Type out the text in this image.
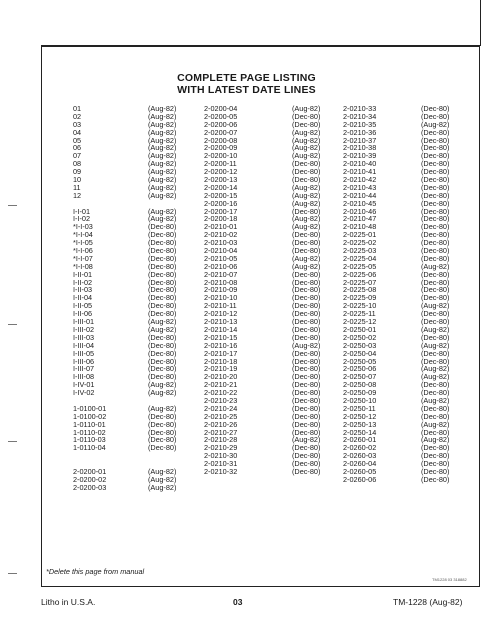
COMPLETE PAGE LISTING
WITH LATEST DATE LINES
01	(Aug-82)
02	(Aug-82)
03	(Aug-82)
04	(Aug-82)
05	(Aug-82)
06	(Aug-82)
07	(Aug-82)
08	(Aug-82)
09	(Aug-82)
10	(Aug-82)
11	(Aug-82)
12	(Aug-82)
I-I-01	(Aug-82)
I-I-02	(Aug-82)
*I-I-03	(Dec-80)
*I-I-04	(Dec-80)
*I-I-05	(Dec-80)
*I-I-06	(Dec-80)
*I-I-07	(Dec-80)
*I-I-08	(Dec-80)
I-II-01	(Dec-80)
I-II-02	(Dec-80)
I-II-03	(Dec-80)
I-II-04	(Dec-80)
I-II-05	(Dec-80)
I-II-06	(Dec-80)
I-III-01	(Aug-82)
I-III-02	(Aug-82)
I-III-03	(Dec-80)
I-III-04	(Dec-80)
I-III-05	(Dec-80)
I-III-06	(Dec-80)
I-III-07	(Dec-80)
I-III-08	(Dec-80)
I-IV-01	(Aug-82)
I-IV-02	(Aug-82)
1-0100-01	(Aug-82)
1-0100-02	(Dec-80)
1-0110-01	(Dec-80)
1-0110-02	(Dec-80)
1-0110-03	(Dec-80)
1-0110-04	(Dec-80)
2-0200-01	(Aug-82)
2-0200-02	(Aug-82)
2-0200-03	(Aug-82)
2-0200-04	(Aug-82)
2-0200-05	(Dec-80)
2-0200-06	(Dec-80)
2-0200-07	(Aug-82)
2-0200-08	(Aug-82)
2-0200-09	(Aug-82)
2-0200-10	(Aug-82)
2-0200-11	(Dec-80)
2-0200-12	(Dec-80)
2-0200-13	(Dec-80)
2-0200-14	(Aug-82)
2-0200-15	(Aug-82)
2-0200-16	(Aug-82)
2-0200-17	(Dec-80)
2-0200-18	(Aug-82)
2-0210-01	(Aug-82)
2-0210-02	(Dec-80)
2-0210-03	(Dec-80)
2-0210-04	(Dec-80)
2-0210-05	(Aug-82)
2-0210-06	(Aug-82)
2-0210-07	(Dec-80)
2-0210-08	(Dec-80)
2-0210-09	(Dec-80)
2-0210-10	(Dec-80)
2-0210-11	(Dec-80)
2-0210-12	(Dec-80)
2-0210-13	(Dec-80)
2-0210-14	(Dec-80)
2-0210-15	(Dec-80)
2-0210-16	(Aug-82)
2-0210-17	(Dec-80)
2-0210-18	(Dec-80)
2-0210-19	(Dec-80)
2-0210-20	(Dec-80)
2-0210-21	(Dec-80)
2-0210-22	(Dec-80)
2-0210-23	(Dec-80)
2-0210-24	(Dec-80)
2-0210-25	(Dec-80)
2-0210-26	(Dec-80)
2-0210-27	(Dec-80)
2-0210-28	(Aug-82)
2-0210-29	(Dec-80)
2-0210-30	(Dec-80)
2-0210-31	(Dec-80)
2-0210-32	(Dec-80)
2-0210-33	(Dec-80)
2-0210-34	(Dec-80)
2-0210-35	(Aug-82)
2-0210-36	(Dec-80)
2-0210-37	(Dec-80)
2-0210-38	(Dec-80)
2-0210-39	(Dec-80)
2-0210-40	(Dec-80)
2-0210-41	(Dec-80)
2-0210-42	(Dec-80)
2-0210-43	(Dec-80)
2-0210-44	(Dec-80)
2-0210-45	(Dec-80)
2-0210-46	(Dec-80)
2-0210-47	(Dec-80)
2-0210-48	(Dec-80)
2-0225-01	(Dec-80)
2-0225-02	(Dec-80)
2-0225-03	(Dec-80)
2-0225-04	(Dec-80)
2-0225-05	(Aug-82)
2-0225-06	(Dec-80)
2-0225-07	(Dec-80)
2-0225-08	(Dec-80)
2-0225-09	(Dec-80)
2-0225-10	(Aug-82)
2-0225-11	(Dec-80)
2-0225-12	(Dec-80)
2-0250-01	(Aug-82)
2-0250-02	(Dec-80)
2-0250-03	(Aug-82)
2-0250-04	(Dec-80)
2-0250-05	(Dec-80)
2-0250-06	(Aug-82)
2-0250-07	(Aug-82)
2-0250-08	(Dec-80)
2-0250-09	(Dec-80)
2-0250-10	(Aug-82)
2-0250-11	(Dec-80)
2-0250-12	(Dec-80)
2-0250-13	(Aug-82)
2-0250-14	(Dec-80)
2-0260-01	(Aug-82)
2-0260-02	(Dec-80)
2-0260-03	(Dec-80)
2-0260-04	(Dec-80)
2-0260-05	(Dec-80)
2-0260-06	(Dec-80)
*Delete this page from manual
TM1228 03 318882
Litho in U.S.A.	03	TM-1228 (Aug-82)
